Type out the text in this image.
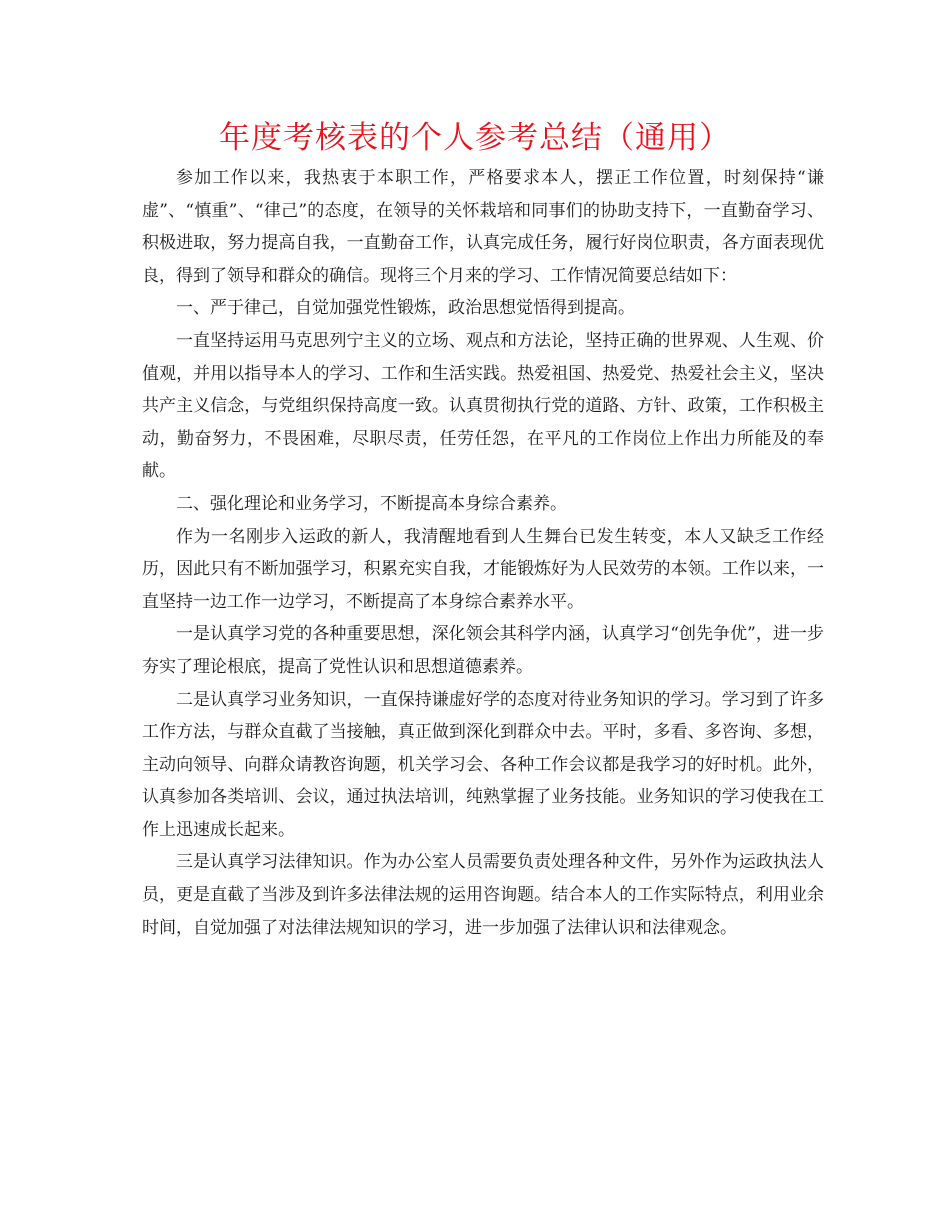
年度考核表的个人参考总结（通用）

参加工作以来，我热衷于本职工作，严格要求本人，摆正工作位置，时刻保持“谦虚”、“慎重”、“律己”的态度，在领导的关怀栽培和同事们的协助支持下，一直勤奋学习、积极进取，努力提高自我，一直勤奋工作，认真完成任务，履行好岗位职责，各方面表现优良，得到了领导和群众的确信。现将三个月来的学习、工作情况简要总结如下：

一、严于律己，自觉加强党性锻炼，政治思想觉悟得到提高。

一直坚持运用马克思列宁主义的立场、观点和方法论，坚持正确的世界观、人生观、价值观，并用以指导本人的学习、工作和生活实践。热爱祖国、热爱党、热爱社会主义，坚决共产主义信念，与党组织保持高度一致。认真贯彻执行党的道路、方针、政策，工作积极主动，勤奋努力，不畏困难，尽职尽责，任劳任怨，在平凡的工作岗位上作出力所能及的奉献。

二、强化理论和业务学习，不断提高本身综合素养。

作为一名刚步入运政的新人，我清醒地看到人生舞台已发生转变，本人又缺乏工作经历，因此只有不断加强学习，积累充实自我，才能锻炼好为人民效劳的本领。工作以来，一直坚持一边工作一边学习，不断提高了本身综合素养水平。

一是认真学习党的各种重要思想，深化领会其科学内涵，认真学习“创先争优”，进一步夯实了理论根底，提高了党性认识和思想道德素养。

二是认真学习业务知识，一直保持谦虚好学的态度对待业务知识的学习。学习到了许多工作方法，与群众直截了当接触，真正做到深化到群众中去。平时，多看、多咨询、多想，主动向领导、向群众请教咨询题，机关学习会、各种工作会议都是我学习的好时机。此外，认真参加各类培训、会议，通过执法培训，纯熟掌握了业务技能。业务知识的学习使我在工作上迅速成长起来。

三是认真学习法律知识。作为办公室人员需要负责处理各种文件，另外作为运政执法人员，更是直截了当涉及到许多法律法规的运用咨询题。结合本人的工作实际特点，利用业余时间，自觉加强了对法律法规知识的学习，进一步加强了法律认识和法律观念。
